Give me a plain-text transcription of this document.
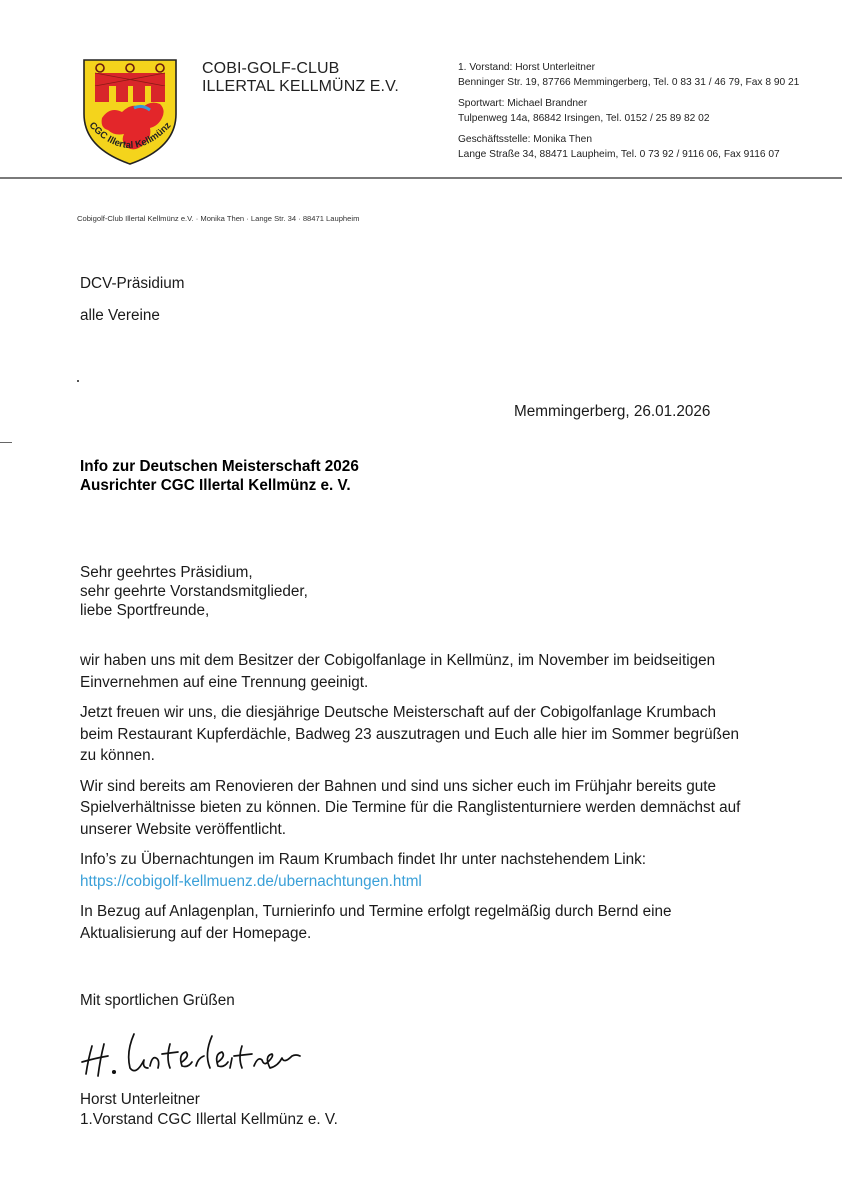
CGC Illertal Kellmünz
COBI-GOLF-CLUB
ILLERTAL KELLMÜNZ E.V.
1. Vorstand: Horst Unterleitner
Benninger Str. 19, 87766 Memmingerberg, Tel. 0 83 31 / 46 79, Fax 8 90 21
Sportwart: Michael Brandner
Tulpenweg 14a, 86842 Irsingen, Tel. 0152 / 25 89 82 02
Geschäftsstelle: Monika Then
Lange Straße 34, 88471 Laupheim, Tel. 0 73 92 / 9116 06, Fax 9116 07
Cobigolf-Club Illertal Kellmünz e.V. · Monika Then · Lange Str. 34 · 88471 Laupheim
DCV-Präsidium
alle Vereine
Memmingerberg, 26.01.2026
Info zur Deutschen Meisterschaft 2026
Ausrichter CGC Illertal Kellmünz e. V.
Sehr geehrtes Präsidium,
sehr geehrte Vorstandsmitglieder,
liebe Sportfreunde,

wir haben uns mit dem Besitzer der Cobigolfanlage in Kellmünz, im November im beidseitigen Einvernehmen auf eine Trennung geeinigt.

Jetzt freuen wir uns, die diesjährige Deutsche Meisterschaft auf der Cobigolfanlage Krumbach beim Restaurant Kupferdächle, Badweg 23 auszutragen und Euch alle hier im Sommer begrüßen zu können.

Wir sind bereits am Renovieren der Bahnen und sind uns sicher euch im Frühjahr bereits gute Spielverhältnisse bieten zu können. Die Termine für die Ranglistenturniere werden demnächst auf unserer Website veröffentlicht.

Info’s zu Übernachtungen im Raum Krumbach findet Ihr unter nachstehendem Link:
https://cobigolf-kellmuenz.de/ubernachtungen.html

In Bezug auf Anlagenplan, Turnierinfo und Termine erfolgt regelmäßig durch Bernd eine Aktualisierung auf der Homepage.

Mit sportlichen Grüßen
Horst Unterleitner
1.Vorstand CGC Illertal Kellmünz e. V.
